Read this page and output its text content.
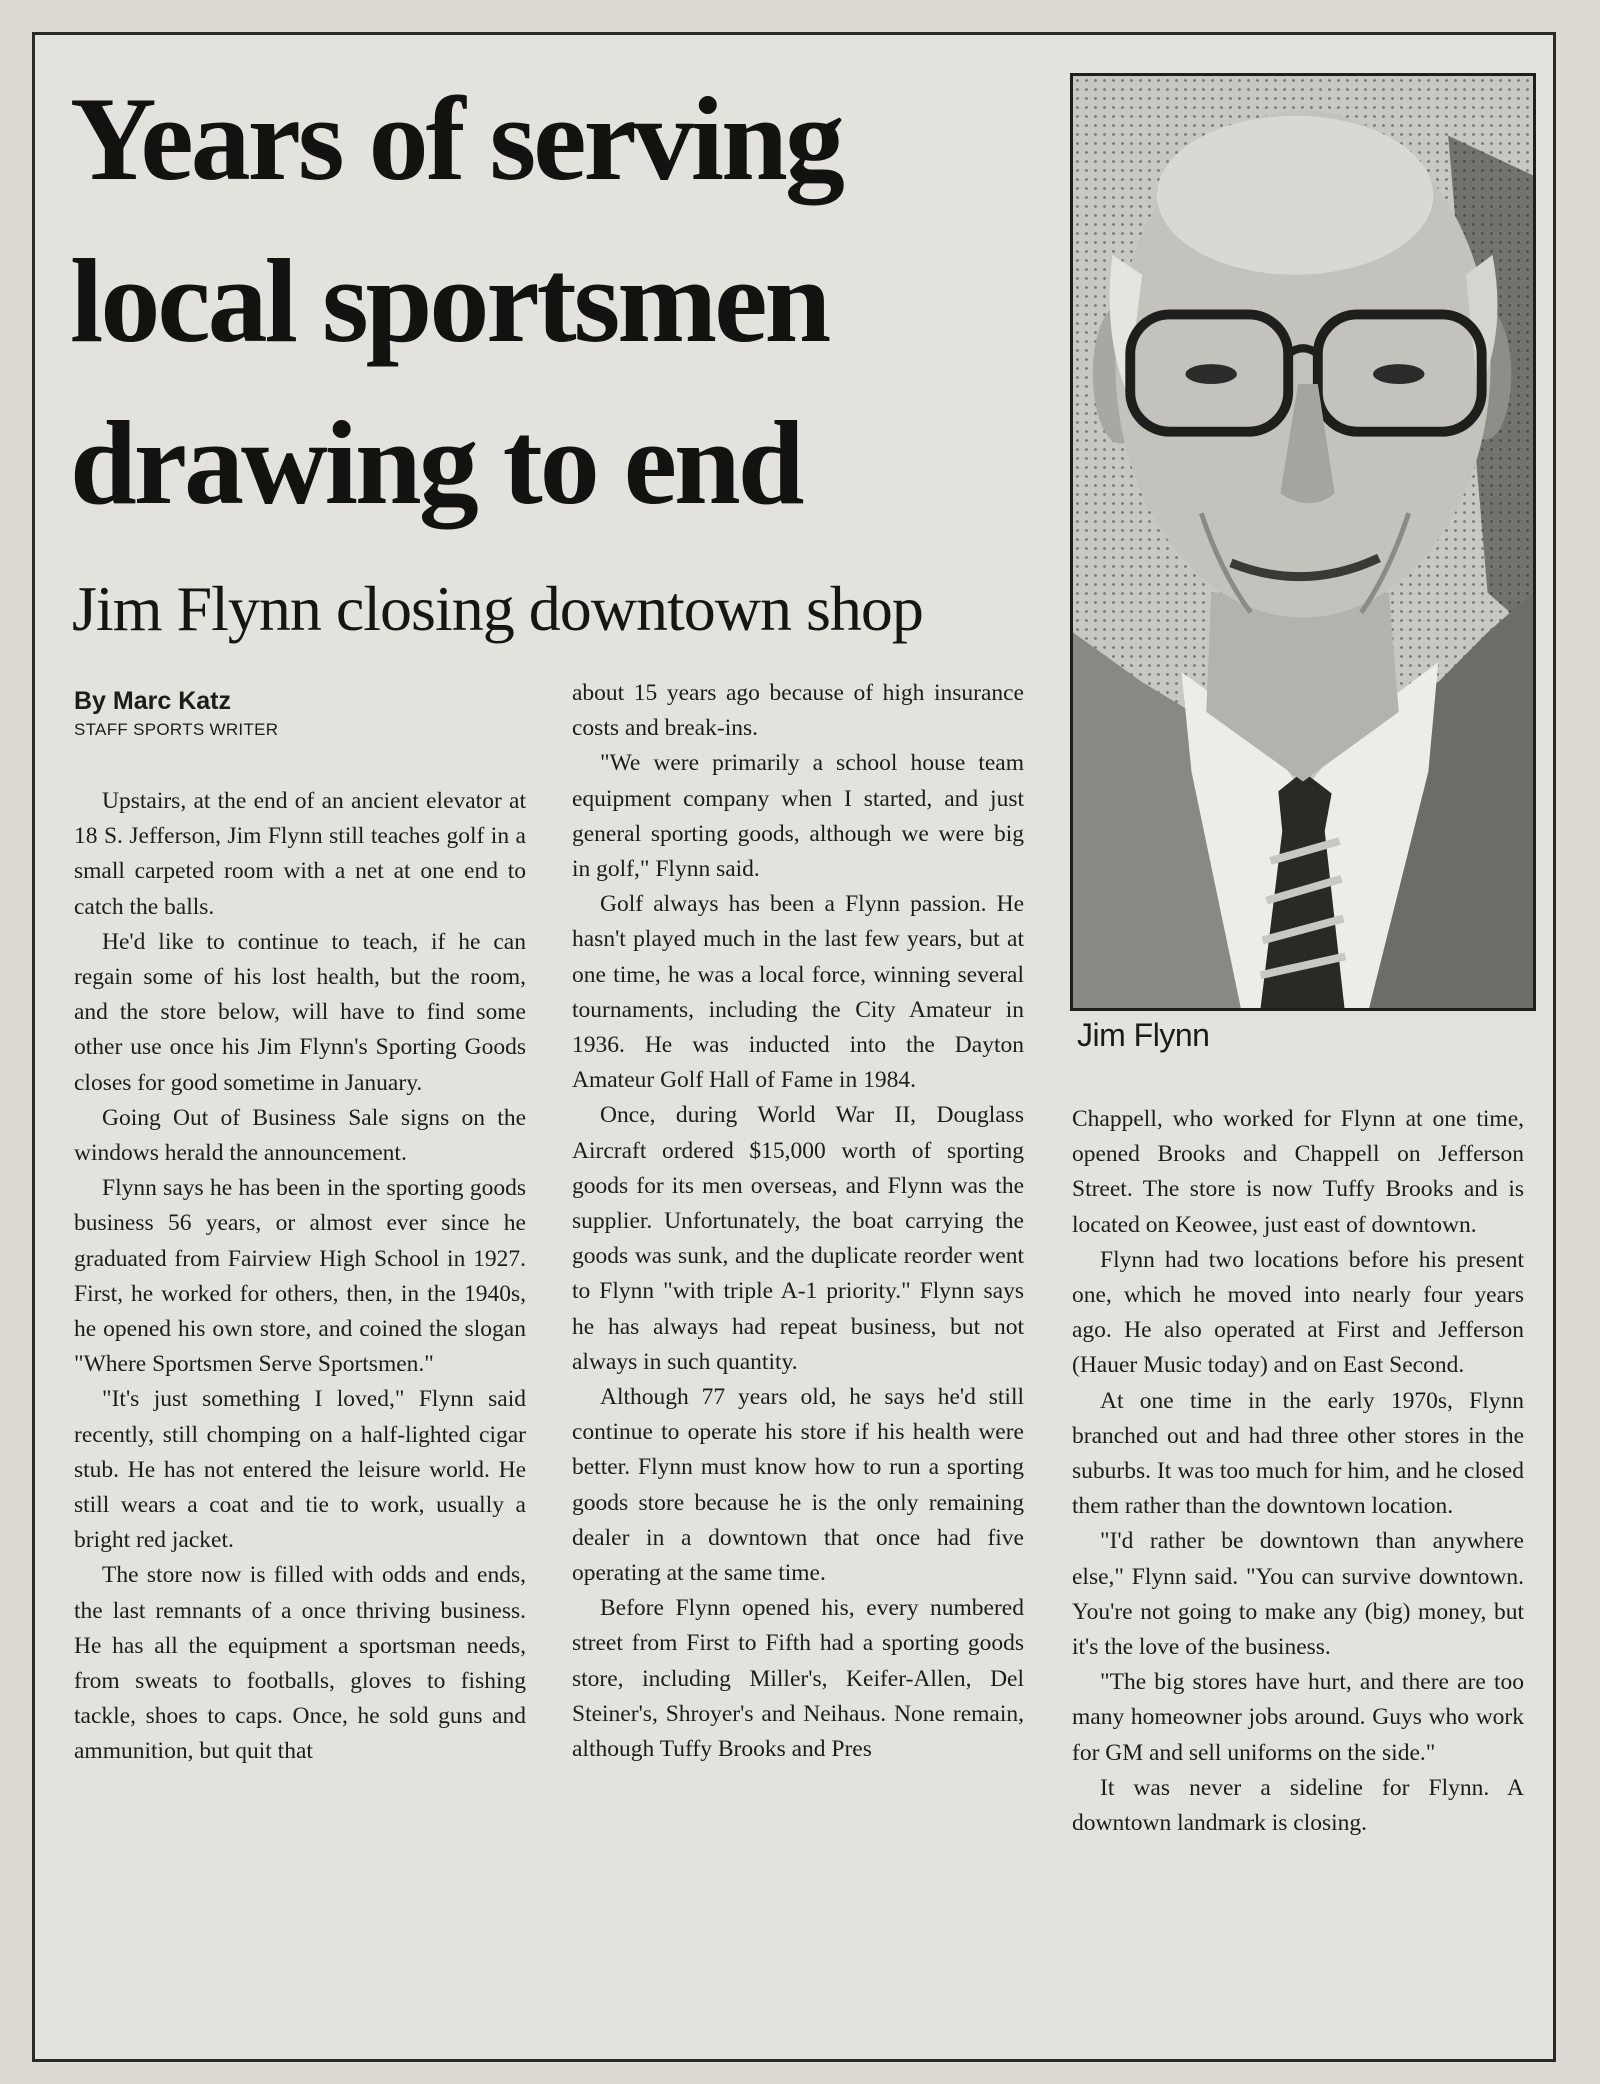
Years of serving
local sportsmen
drawing to end
Jim Flynn closing downtown shop
Jim Flynn
By Marc Katz
STAFF SPORTS WRITER

Upstairs, at the end of an ancient elevator at 18 S. Jefferson, Jim Flynn still teaches golf in a small carpeted room with a net at one end to catch the balls.

He'd like to continue to teach, if he can regain some of his lost health, but the room, and the store below, will have to find some other use once his Jim Flynn's Sporting Goods closes for good sometime in January.

Going Out of Business Sale signs on the windows herald the announcement.

Flynn says he has been in the sporting goods business 56 years, or almost ever since he graduated from Fairview High School in 1927. First, he worked for others, then, in the 1940s, he opened his own store, and coined the slogan "Where Sportsmen Serve Sportsmen."

"It's just something I loved," Flynn said recently, still chomping on a half-lighted cigar stub. He has not entered the leisure world. He still wears a coat and tie to work, usually a bright red jacket.

The store now is filled with odds and ends, the last remnants of a once thriving business. He has all the equipment a sportsman needs, from sweats to footballs, gloves to fishing tackle, shoes to caps. Once, he sold guns and ammunition, but quit that

about 15 years ago because of high insurance costs and break-ins.

"We were primarily a school house team equipment company when I started, and just general sporting goods, although we were big in golf," Flynn said.

Golf always has been a Flynn passion. He hasn't played much in the last few years, but at one time, he was a local force, winning several tournaments, including the City Amateur in 1936. He was inducted into the Dayton Amateur Golf Hall of Fame in 1984.

Once, during World War II, Douglass Aircraft ordered $15,000 worth of sporting goods for its men overseas, and Flynn was the supplier. Unfortunately, the boat carrying the goods was sunk, and the duplicate reorder went to Flynn "with triple A-1 priority." Flynn says he has always had repeat business, but not always in such quantity.

Although 77 years old, he says he'd still continue to operate his store if his health were better. Flynn must know how to run a sporting goods store because he is the only remaining dealer in a downtown that once had five operating at the same time.

Before Flynn opened his, every numbered street from First to Fifth had a sporting goods store, including Miller's, Keifer-Allen, Del Steiner's, Shroyer's and Neihaus. None remain, although Tuffy Brooks and Pres

Chappell, who worked for Flynn at one time, opened Brooks and Chappell on Jefferson Street. The store is now Tuffy Brooks and is located on Keowee, just east of downtown.

Flynn had two locations before his present one, which he moved into nearly four years ago. He also operated at First and Jefferson (Hauer Music today) and on East Second.

At one time in the early 1970s, Flynn branched out and had three other stores in the suburbs. It was too much for him, and he closed them rather than the downtown location.

"I'd rather be downtown than anywhere else," Flynn said. "You can survive downtown. You're not going to make any (big) money, but it's the love of the business.

"The big stores have hurt, and there are too many homeowner jobs around. Guys who work for GM and sell uniforms on the side."

It was never a sideline for Flynn. A downtown landmark is closing.
